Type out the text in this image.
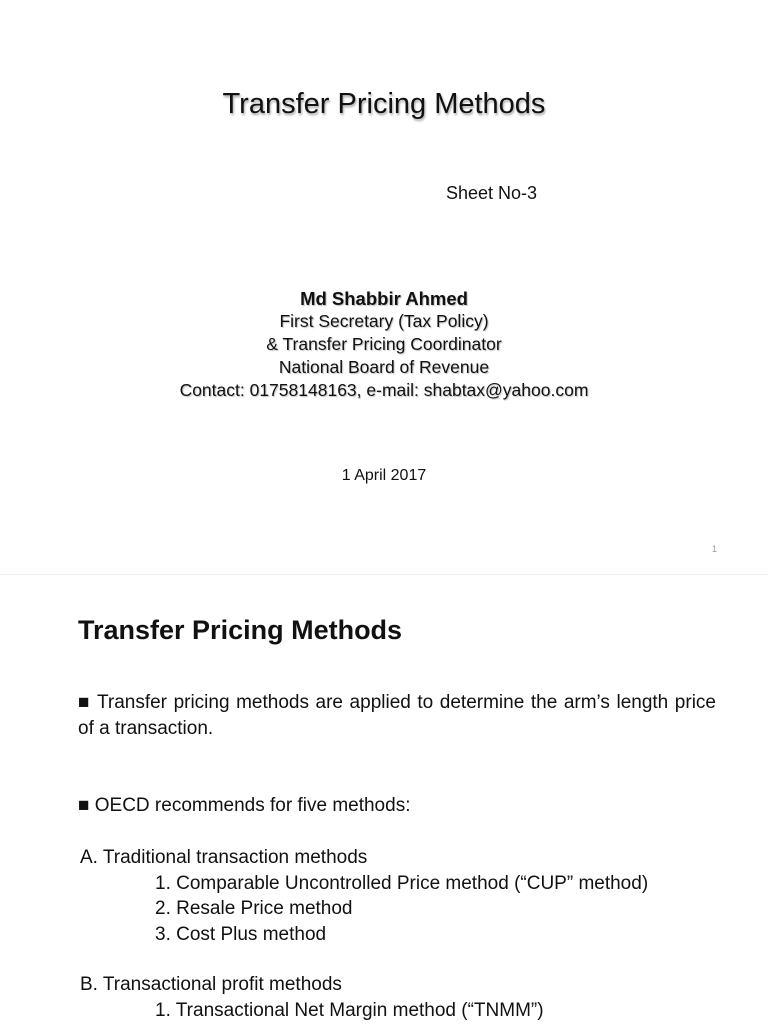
Transfer Pricing Methods
Sheet No-3
Md Shabbir Ahmed
First Secretary (Tax Policy)
& Transfer Pricing Coordinator
National Board of Revenue
Contact: 01758148163, e-mail: shabtax@yahoo.com
1 April 2017
1
Transfer Pricing Methods
■ Transfer pricing methods are applied to determine the arm’s length price of a transaction.
■ OECD recommends for five methods:
A. Traditional transaction methods
1. Comparable Uncontrolled Price method (“CUP” method)
2. Resale Price method
3. Cost Plus method
B. Transactional profit methods
1. Transactional Net Margin method (“TNMM”)
